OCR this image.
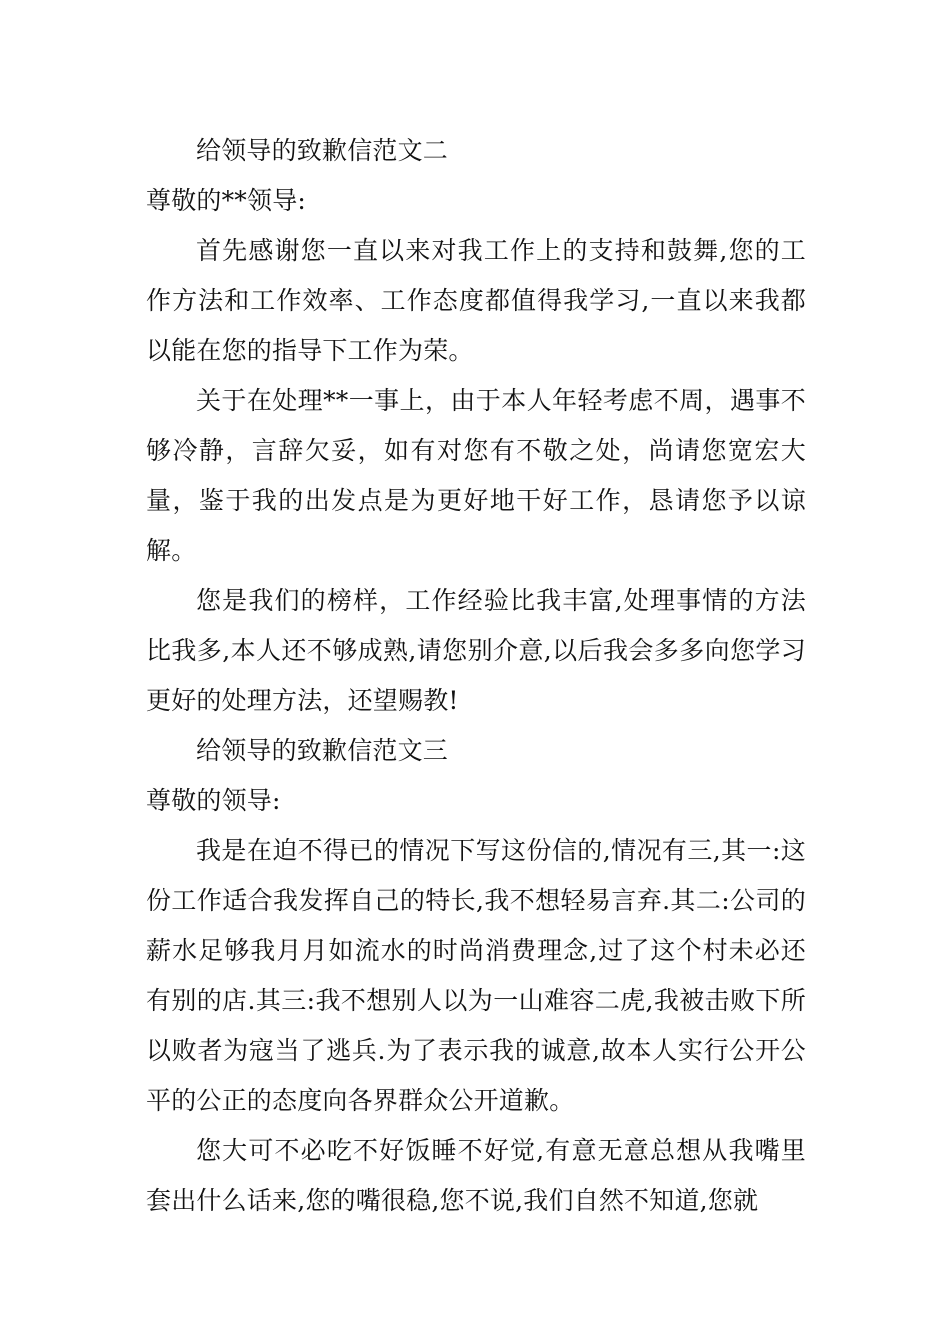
给领导的致歉信范文二

尊敬的**领导:

首先感谢您一直以来对我工作上的支持和鼓舞,您的工作方法和工作效率、工作态度都值得我学习,一直以来我都以能在您的指导下工作为荣。

关于在处理**一事上，由于本人年轻考虑不周，遇事不够冷静，言辞欠妥，如有对您有不敬之处，尚请您宽宏大量，鉴于我的出发点是为更好地干好工作，恳请您予以谅解。

您是我们的榜样，工作经验比我丰富,处理事情的方法比我多,本人还不够成熟,请您别介意,以后我会多多向您学习更好的处理方法，还望赐教!

给领导的致歉信范文三

尊敬的领导:

我是在迫不得已的情况下写这份信的,情况有三,其一:这份工作适合我发挥自己的特长,我不想轻易言弃.其二:公司的薪水足够我月月如流水的时尚消费理念,过了这个村未必还有别的店.其三:我不想别人以为一山难容二虎,我被击败下所以败者为寇当了逃兵.为了表示我的诚意,故本人实行公开公平的公正的态度向各界群众公开道歉。

您大可不必吃不好饭睡不好觉,有意无意总想从我嘴里套出什么话来,您的嘴很稳,您不说,我们自然不知道,您就
